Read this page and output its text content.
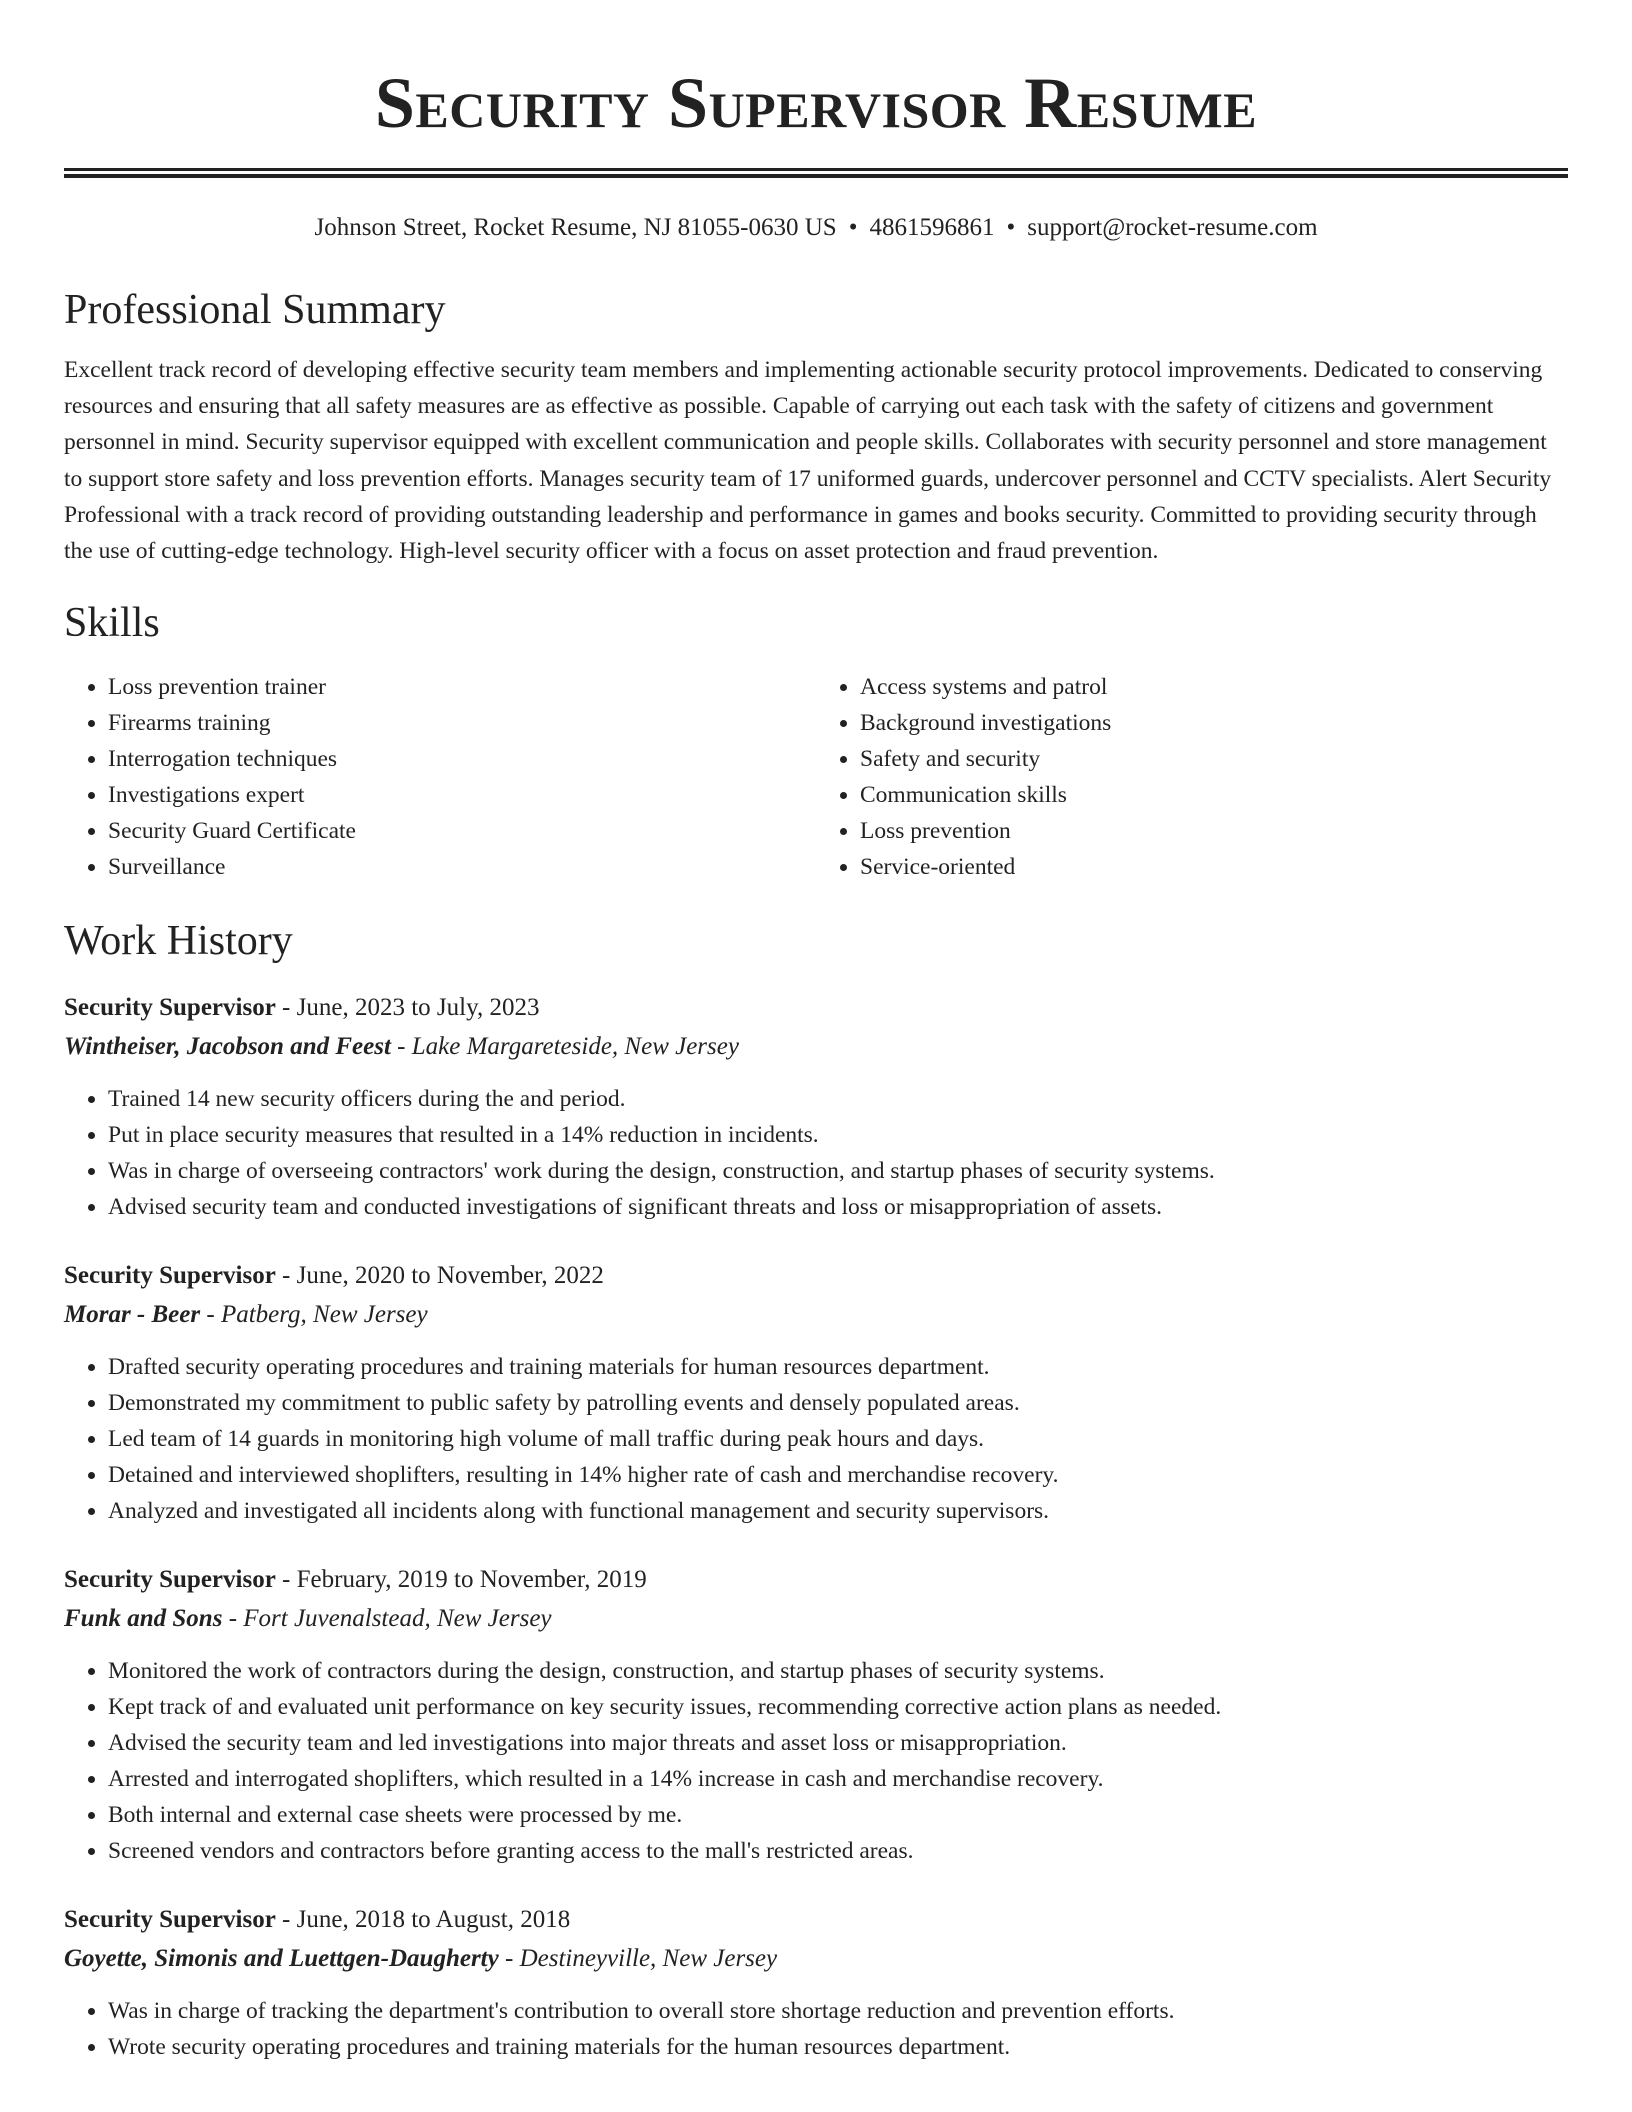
Security Supervisor Resume
Johnson Street, Rocket Resume, NJ 81055-0630 US • 4861596861 • support@rocket-resume.com
Professional Summary

Excellent track record of developing effective security team members and implementing actionable security protocol improvements. Dedicated to conserving resources and ensuring that all safety measures are as effective as possible. Capable of carrying out each task with the safety of citizens and government personnel in mind. Security supervisor equipped with excellent communication and people skills. Collaborates with security personnel and store management to support store safety and loss prevention efforts. Manages security team of 17 uniformed guards, undercover personnel and CCTV specialists. Alert Security Professional with a track record of providing outstanding leadership and performance in games and books security. Committed to providing security through the use of cutting-edge technology. High-level security officer with a focus on asset protection and fraud prevention.

Skills
• Loss prevention trainer
• Firearms training
• Interrogation techniques
• Investigations expert
• Security Guard Certificate
• Surveillance
• Access systems and patrol
• Background investigations
• Safety and security
• Communication skills
• Loss prevention
• Service-oriented
Work History
Security Supervisor - June, 2023 to July, 2023
Wintheiser, Jacobson and Feest - Lake Margareteside, New Jersey
• Trained 14 new security officers during the and period.
• Put in place security measures that resulted in a 14% reduction in incidents.
• Was in charge of overseeing contractors' work during the design, construction, and startup phases of security systems.
• Advised security team and conducted investigations of significant threats and loss or misappropriation of assets.
Security Supervisor - June, 2020 to November, 2022
Morar - Beer - Patberg, New Jersey
• Drafted security operating procedures and training materials for human resources department.
• Demonstrated my commitment to public safety by patrolling events and densely populated areas.
• Led team of 14 guards in monitoring high volume of mall traffic during peak hours and days.
• Detained and interviewed shoplifters, resulting in 14% higher rate of cash and merchandise recovery.
• Analyzed and investigated all incidents along with functional management and security supervisors.
Security Supervisor - February, 2019 to November, 2019
Funk and Sons - Fort Juvenalstead, New Jersey
• Monitored the work of contractors during the design, construction, and startup phases of security systems.
• Kept track of and evaluated unit performance on key security issues, recommending corrective action plans as needed.
• Advised the security team and led investigations into major threats and asset loss or misappropriation.
• Arrested and interrogated shoplifters, which resulted in a 14% increase in cash and merchandise recovery.
• Both internal and external case sheets were processed by me.
• Screened vendors and contractors before granting access to the mall's restricted areas.
Security Supervisor - June, 2018 to August, 2018
Goyette, Simonis and Luettgen-Daugherty - Destineyville, New Jersey
• Was in charge of tracking the department's contribution to overall store shortage reduction and prevention efforts.
• Wrote security operating procedures and training materials for the human resources department.
